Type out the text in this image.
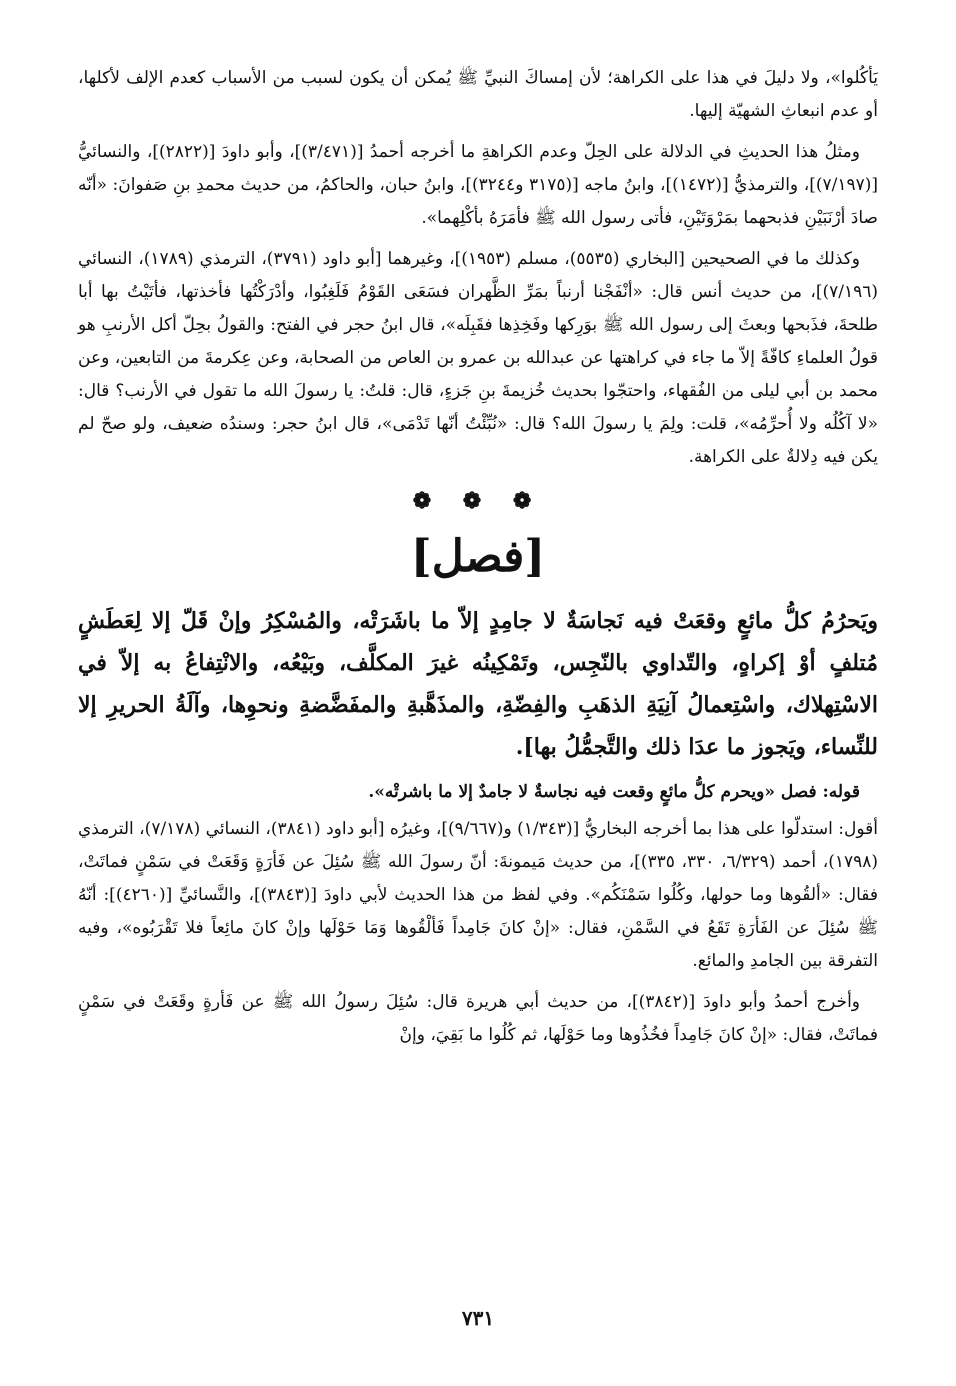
يَأكُلوا»، ولا دليلَ في هذا على الكراهة؛ لأن إمساكَ النبيِّ ﷺ يُمكن أن يكون لسبب من الأسباب كعدم الإلف لأكلها، أو عدم انبعاثِ الشهيّة إليها.

ومثلُ هذا الحديثِ في الدلالة على الحِلّ وعدم الكراهةِ ما أخرجه أحمدُ [(٣/٤٧١)]، وأبو داودَ [(٢٨٢٢)]، والنسائيُّ [(٧/١٩٧)]، والترمذيُّ [(١٤٧٢)]، وابنُ ماجه [(٣١٧٥ و٣٢٤٤)]، وابنُ حبان، والحاكمُ، من حديث محمدِ بنِ صَفوانَ: «أنّه صادَ أرْنَبَيْنِ فذبحهما بمَرْوَتَيْنِ، فأتى رسول الله ﷺ فأمَرَهُ بأكْلِهما».

وكذلك ما في الصحيحين [البخاري (٥٥٣٥)، مسلم (١٩٥٣)]، وغيرهما [أبو داود (٣٧٩١)، الترمذي (١٧٨٩)، النسائي (٧/١٩٦)]، من حديث أنس قال: «أنْفَجْنا أرنباً بمَرِّ الظَّهران فسَعَى القَوْمُ فَلَغِبُوا، وأدْرَكْتُها فأخذتها، فأتَيْتُ بها أبا طلحةَ، فذَبحها وبعثَ إلى رسول الله ﷺ بوَرِكها وفَخِذِها فقَبِلَه»، قال ابنُ حجر في الفتح: والقولُ بحِلّ أكل الأرنبِ هو قولُ العلماءِ كافّةً إلاّ ما جاء في كراهتها عن عبدالله بن عمرو بن العاص من الصحابة، وعن عِكرمةَ من التابعين، وعن محمد بن أبي ليلى من الفُقهاء، واحتجّوا بحديث خُزيمةَ بنِ جَزءٍ، قال: قلتُ: يا رسولَ الله ما تقول في الأرنب؟ قال: «لا آكُلُه ولا أُحرِّمُه»، قلت: ولِمَ يا رسولَ الله؟ قال: «نُبِّئْتُ أنّها تَدْمَى»، قال ابنُ حجر: وسندُه ضعيف، ولو صحّ لم يكن فيه دِلالةٌ على الكراهة.

❁ ❁ ❁
[فصل]

ويَحرُمُ كلُّ مائعٍ وقعَتْ فيه نَجاسَةٌ لا جامِدٍ إلاّ ما باشَرَتْه، والمُسْكِرُ وإنْ قَلّ إلا لِعَطَشٍ مُتلفٍ أوْ إكراهٍ، والتّداوي بالنّجِس، وتَمْكِينُه غيرَ المكلَّف، وبَيْعُه، والانْتِفاعُ به إلاّ في الاسْتِهلاك، واسْتِعمالُ آنِيَةِ الذهَبِ والفِضّةِ، والمذَهَّبةِ والمفَضَّضةِ ونحوِها، وآلَةُ الحريرِ إلا للنِّساء، ويَجوز ما عدَا ذلك والتَّجمُّلُ بها].

قوله: فصل «ويحرم كلُّ مائعٍ وقعت فيه نجاسةٌ لا جامدٌ إلا ما باشرتْه».

أقول: استدلّوا على هذا بما أخرجه البخاريُّ [(١/٣٤٣) و(٩/٦٦٧)]، وغيرُه [أبو داود (٣٨٤١)، النسائي (٧/١٧٨)، الترمذي (١٧٩٨)، أحمد (٦/٣٢٩، ٣٣٠، ٣٣٥)]، من حديث مَيمونةَ: أنّ رسولَ الله ﷺ سُئِلَ عن فَأرَةٍ وَقَعَتْ في سَمْنٍ فماتَتْ، فقال: «ألقُوها وما حولها، وكُلُوا سَمْنَكُم». وفي لفظ من هذا الحديث لأبي داودَ [(٣٨٤٣)]، والنَّسائيِّ [(٤٢٦٠)]: أنّهُ ﷺ سُئِلَ عن الفَأرَةِ تَقَعُ في السَّمْنِ، فقال: «إنْ كانَ جَامِداً فَألْقُوها وَمَا حَوْلَها وإنْ كانَ مائِعاً فلا تَقْرَبُوه»، وفيه التفرقة بين الجامدِ والمائع.

وأخرج أحمدُ وأبو داودَ [(٣٨٤٢)]، من حديث أبي هريرة قال: سُئِلَ رسولُ الله ﷺ عن فَأرةٍ وقَعَتْ في سَمْنٍ فماتَتْ، فقال: «إنْ كانَ جَامِداً فخُذُوها وما حَوْلَها، ثم كُلُوا ما بَقِيَ، وإنْ

٧٣١
